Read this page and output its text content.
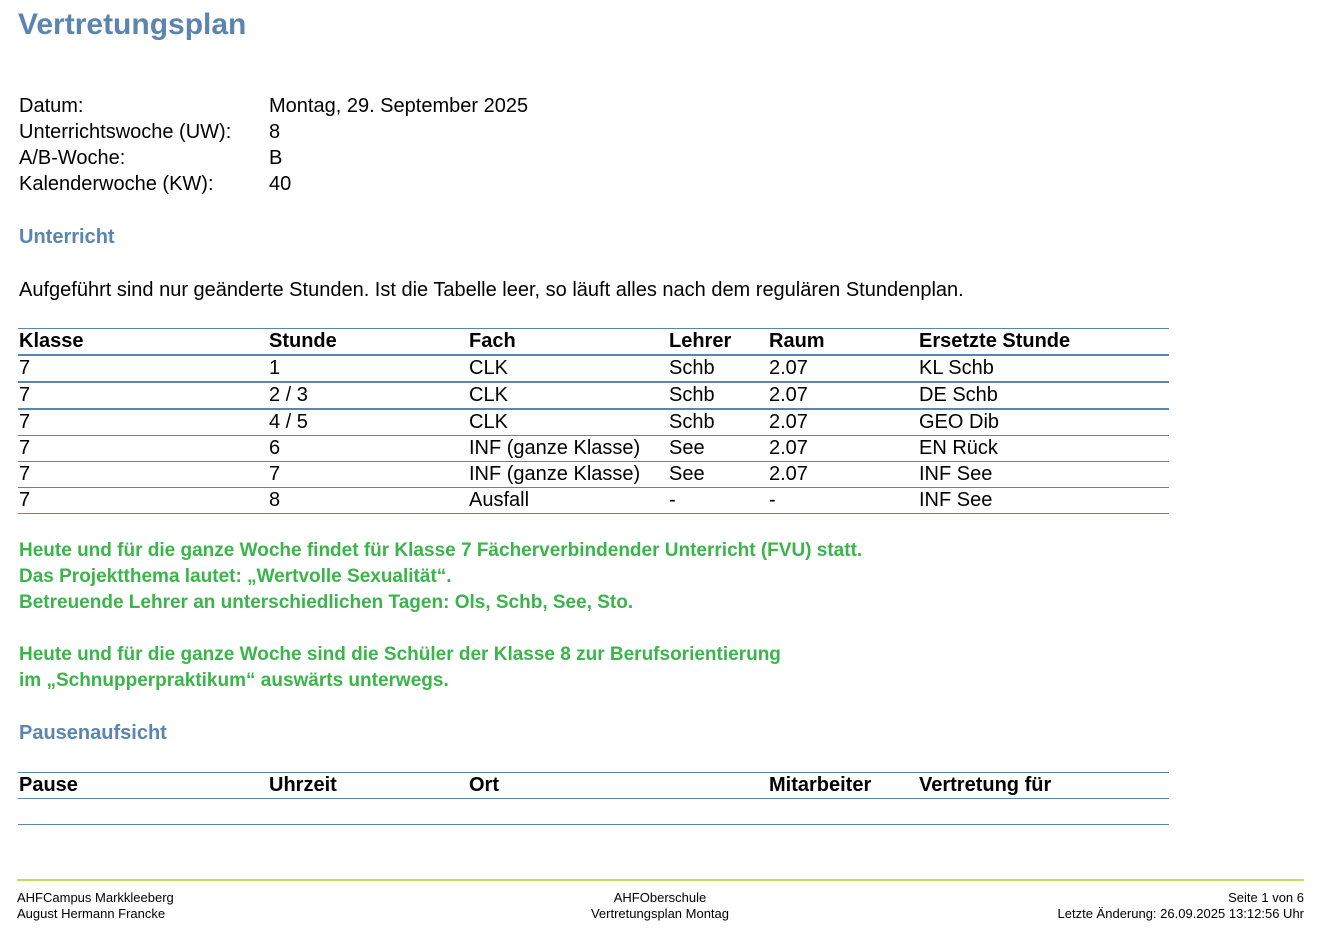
Vertretungsplan
Datum:	Montag, 29. September 2025
Unterrichtswoche (UW):	8
A/B-Woche:	B
Kalenderwoche (KW):	40
Unterricht
Aufgeführt sind nur geänderte Stunden. Ist die Tabelle leer, so läuft alles nach dem regulären Stundenplan.
Klasse	Stunde	Fach	Lehrer	Raum	Ersetzte Stunde
7	1	CLK	Schb	2.07	KL Schb
7	2 / 3	CLK	Schb	2.07	DE Schb
7	4 / 5	CLK	Schb	2.07	GEO Dib
7	6	INF (ganze Klasse)	See	2.07	EN Rück
7	7	INF (ganze Klasse)	See	2.07	INF See
7	8	Ausfall	-	-	INF See
Heute und für die ganze Woche findet für Klasse 7 Fächerverbindender Unterricht (FVU) statt.
Das Projektthema lautet: „Wertvolle Sexualität“.
Betreuende Lehrer an unterschiedlichen Tagen: Ols, Schb, See, Sto.
Heute und für die ganze Woche sind die Schüler der Klasse 8 zur Berufsorientierung
im „Schnupperpraktikum“ auswärts unterwegs.
Pausenaufsicht
Pause	Uhrzeit	Ort	Mitarbeiter	Vertretung für

AHFCampus Markkleeberg
August Hermann Francke
AHFOberschule
Vertretungsplan Montag
Seite 1 von 6
Letzte Änderung: 26.09.2025 13:12:56 Uhr
